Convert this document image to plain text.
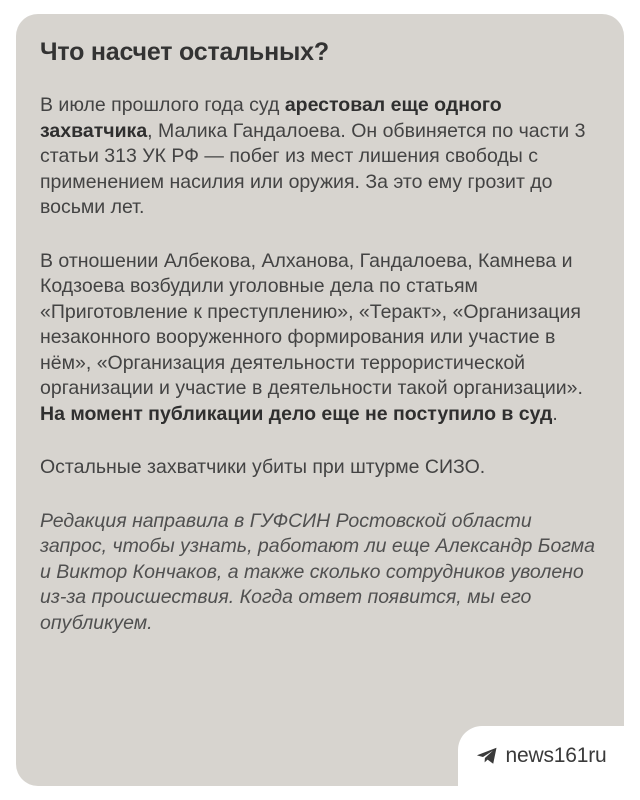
Что насчет остальных?

В июле прошлого года суд арестовал еще одного захватчика, Малика Гандалоева. Он обвиняется по части 3 статьи 313 УК РФ — побег из мест лишения свободы с применением насилия или оружия. За это ему грозит до восьми лет.

В отношении Албекова, Алханова, Гандалоева, Камнева и Кодзоева возбудили уголовные дела по статьям «Приготовление к преступлению», «Теракт», «Организация незаконного вооруженного формирования или участие в нём», «Организация деятельности террористической организации и участие в деятельности такой организации».
На момент публикации дело еще не поступило в суд.

Остальные захватчики убиты при штурме СИЗО.

Редакция направила в ГУФСИН Ростовской области запрос, чтобы узнать, работают ли еще Александр Богма и Виктор Кончаков, а также сколько сотрудников уволено из-за происшествия. Когда ответ появится, мы его опубликуем.

news161ru
